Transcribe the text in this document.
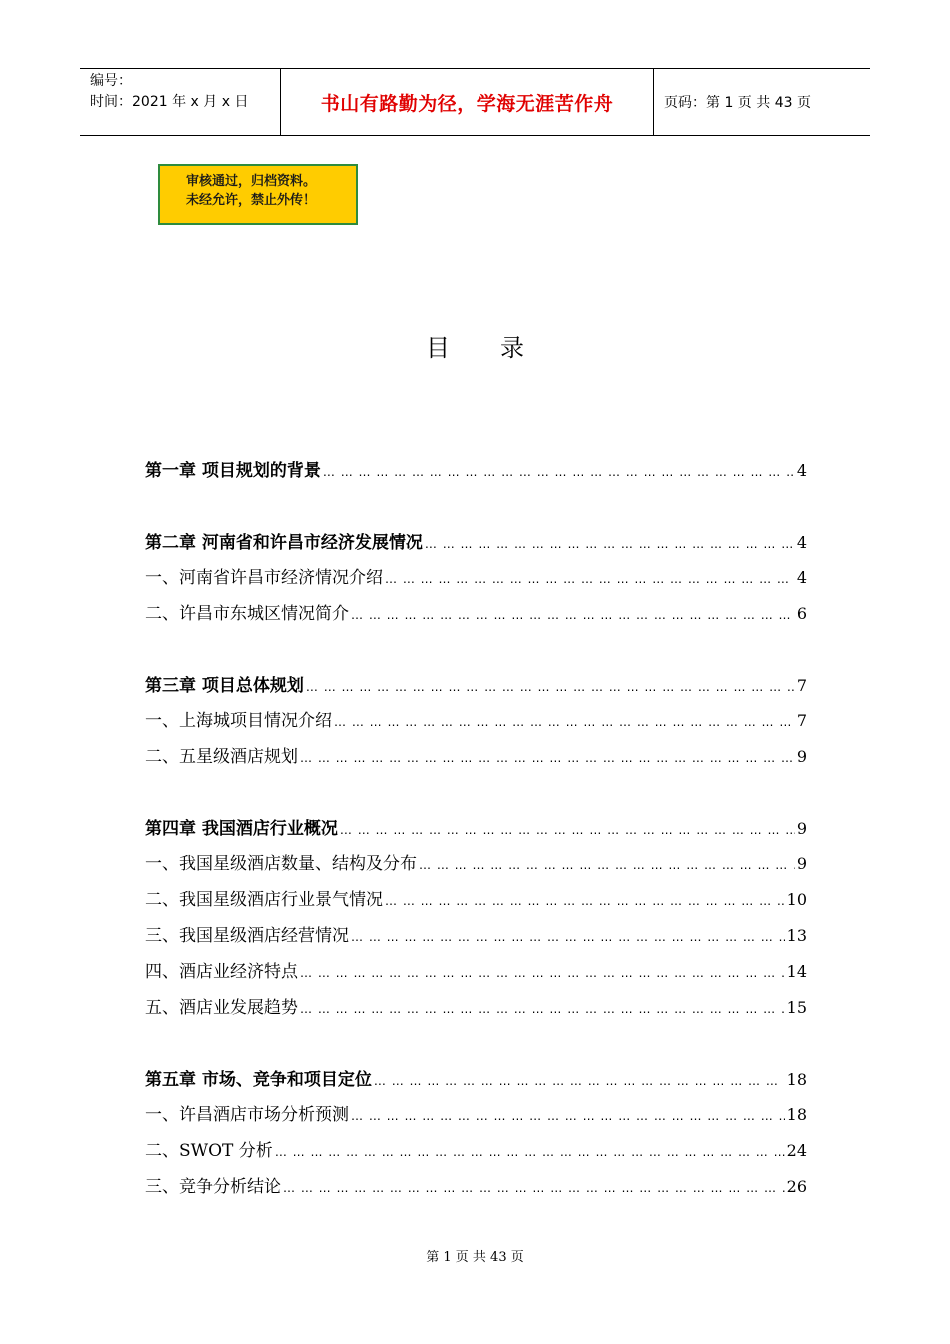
编号：
时间：2021 年 x 月 x 日	书山有路勤为径，学海无涯苦作舟	页码：第 1 页 共 43 页
审核通过，归档资料。
未经允许，禁止外传！
目录
第一章 项目规划的背景 … … … … … … … … … … … … … … … … … … … … … … … … … … … … … … … … … … … … … … … … … … … … … … … … … … … … … … … … … … … … …	4
第二章 河南省和许昌市经济发展情况 … … … … … … … … … … … … … … … … … … … … … … … … … … … … … … … … … … … … … … … … … … … … … … … … … … … … … … … … … … … … …	4
一、河南省许昌市经济情况介绍 … … … … … … … … … … … … … … … … … … … … … … … … … … … … … … … … … … … … … … … … … … … … … … … … … … … … … … … … … … … … …	4
二、许昌市东城区情况简介 … … … … … … … … … … … … … … … … … … … … … … … … … … … … … … … … … … … … … … … … … … … … … … … … … … … … … … … … … … … … …	6
第三章 项目总体规划 … … … … … … … … … … … … … … … … … … … … … … … … … … … … … … … … … … … … … … … … … … … … … … … … … … … … … … … … … … … … …	7
一、上海城项目情况介绍 … … … … … … … … … … … … … … … … … … … … … … … … … … … … … … … … … … … … … … … … … … … … … … … … … … … … … … … … … … … … …	7
二、五星级酒店规划 … … … … … … … … … … … … … … … … … … … … … … … … … … … … … … … … … … … … … … … … … … … … … … … … … … … … … … … … … … … … …	9
第四章 我国酒店行业概况 … … … … … … … … … … … … … … … … … … … … … … … … … … … … … … … … … … … … … … … … … … … … … … … … … … … … … … … … … … … … …	9
一、我国星级酒店数量、结构及分布 … … … … … … … … … … … … … … … … … … … … … … … … … … … … … … … … … … … … … … … … … … … … … … … … … … … … … … … … … … … … …	9
二、我国星级酒店行业景气情况 … … … … … … … … … … … … … … … … … … … … … … … … … … … … … … … … … … … … … … … … … … … … … … … … … … … … … … … … … … … … …	10
三、我国星级酒店经营情况 … … … … … … … … … … … … … … … … … … … … … … … … … … … … … … … … … … … … … … … … … … … … … … … … … … … … … … … … … … … … …	13
四、酒店业经济特点 … … … … … … … … … … … … … … … … … … … … … … … … … … … … … … … … … … … … … … … … … … … … … … … … … … … … … … … … … … … … …	14
五、酒店业发展趋势 … … … … … … … … … … … … … … … … … … … … … … … … … … … … … … … … … … … … … … … … … … … … … … … … … … … … … … … … … … … … …	15
第五章 市场、竞争和项目定位 … … … … … … … … … … … … … … … … … … … … … … … … … … … … … … … … … … … … … … … … … … … … … … … … … … … … … … … … … … … … …	18
一、许昌酒店市场分析预测 … … … … … … … … … … … … … … … … … … … … … … … … … … … … … … … … … … … … … … … … … … … … … … … … … … … … … … … … … … … … …	18
二、SWOT 分析 … … … … … … … … … … … … … … … … … … … … … … … … … … … … … … … … … … … … … … … … … … … … … … … … … … … … … … … … … … … … …	24
三、竞争分析结论 … … … … … … … … … … … … … … … … … … … … … … … … … … … … … … … … … … … … … … … … … … … … … … … … … … … … … … … … … … … … …	26
第 1 页 共 43 页
